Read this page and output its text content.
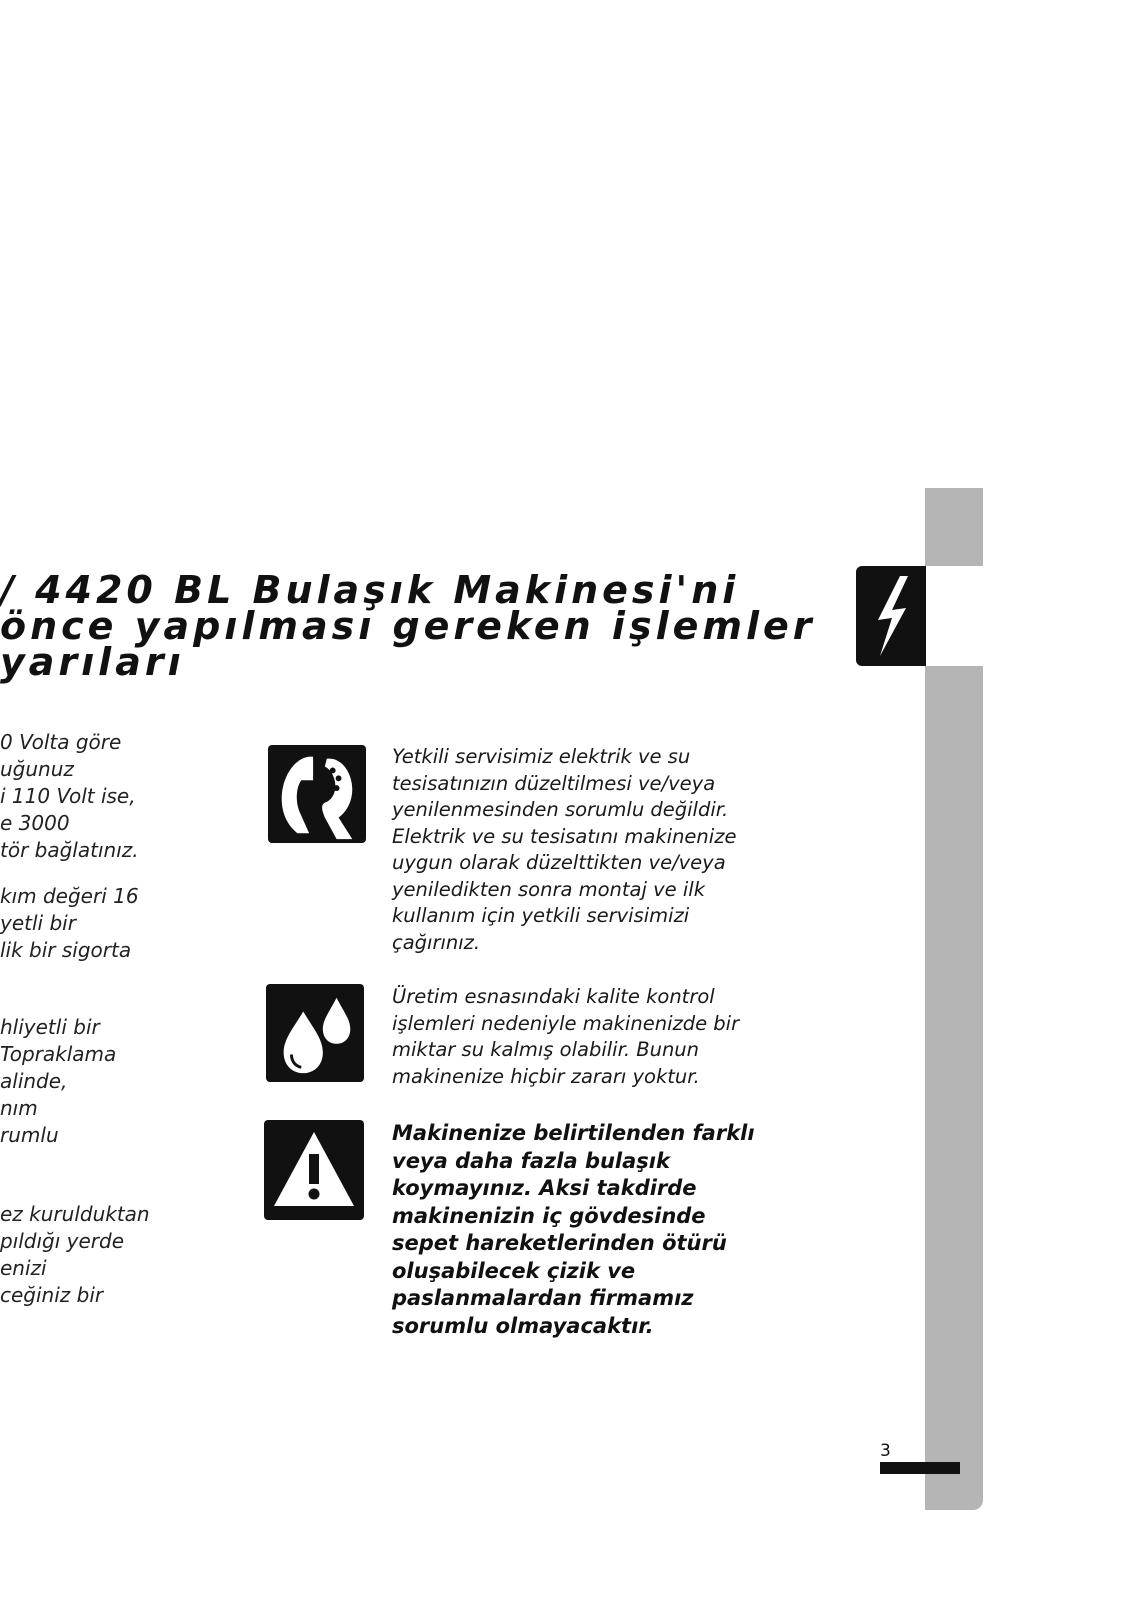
/ 4420 BL Bulaşık Makinesi'ni
önce yapılması gereken işlemler
yarıları
0 Volta göre
uğunuz
i 110 Volt ise,
e 3000
tör bağlatınız.
kım değeri 16
yetli bir
lik bir sigorta
hliyetli bir
Topraklama
alinde,
nım
rumlu
ez kurulduktan
pıldığı yerde
enizi
ceğiniz bir
Yetkili servisimiz elektrik ve su
tesisatınızın düzeltilmesi ve/veya
yenilenmesinden sorumlu değildir.
Elektrik ve su tesisatını makinenize
uygun olarak düzelttikten ve/veya
yeniledikten sonra montaj ve ilk
kullanım için yetkili servisimizi
çağırınız.
Üretim esnasındaki kalite kontrol
işlemleri nedeniyle makinenizde bir
miktar su kalmış olabilir. Bunun
makinenize hiçbir zararı yoktur.
Makinenize belirtilenden farklı
veya daha fazla bulaşık
koymayınız. Aksi takdirde
makinenizin iç gövdesinde
sepet hareketlerinden ötürü
oluşabilecek çizik ve
paslanmalardan firmamız
sorumlu olmayacaktır.
3
